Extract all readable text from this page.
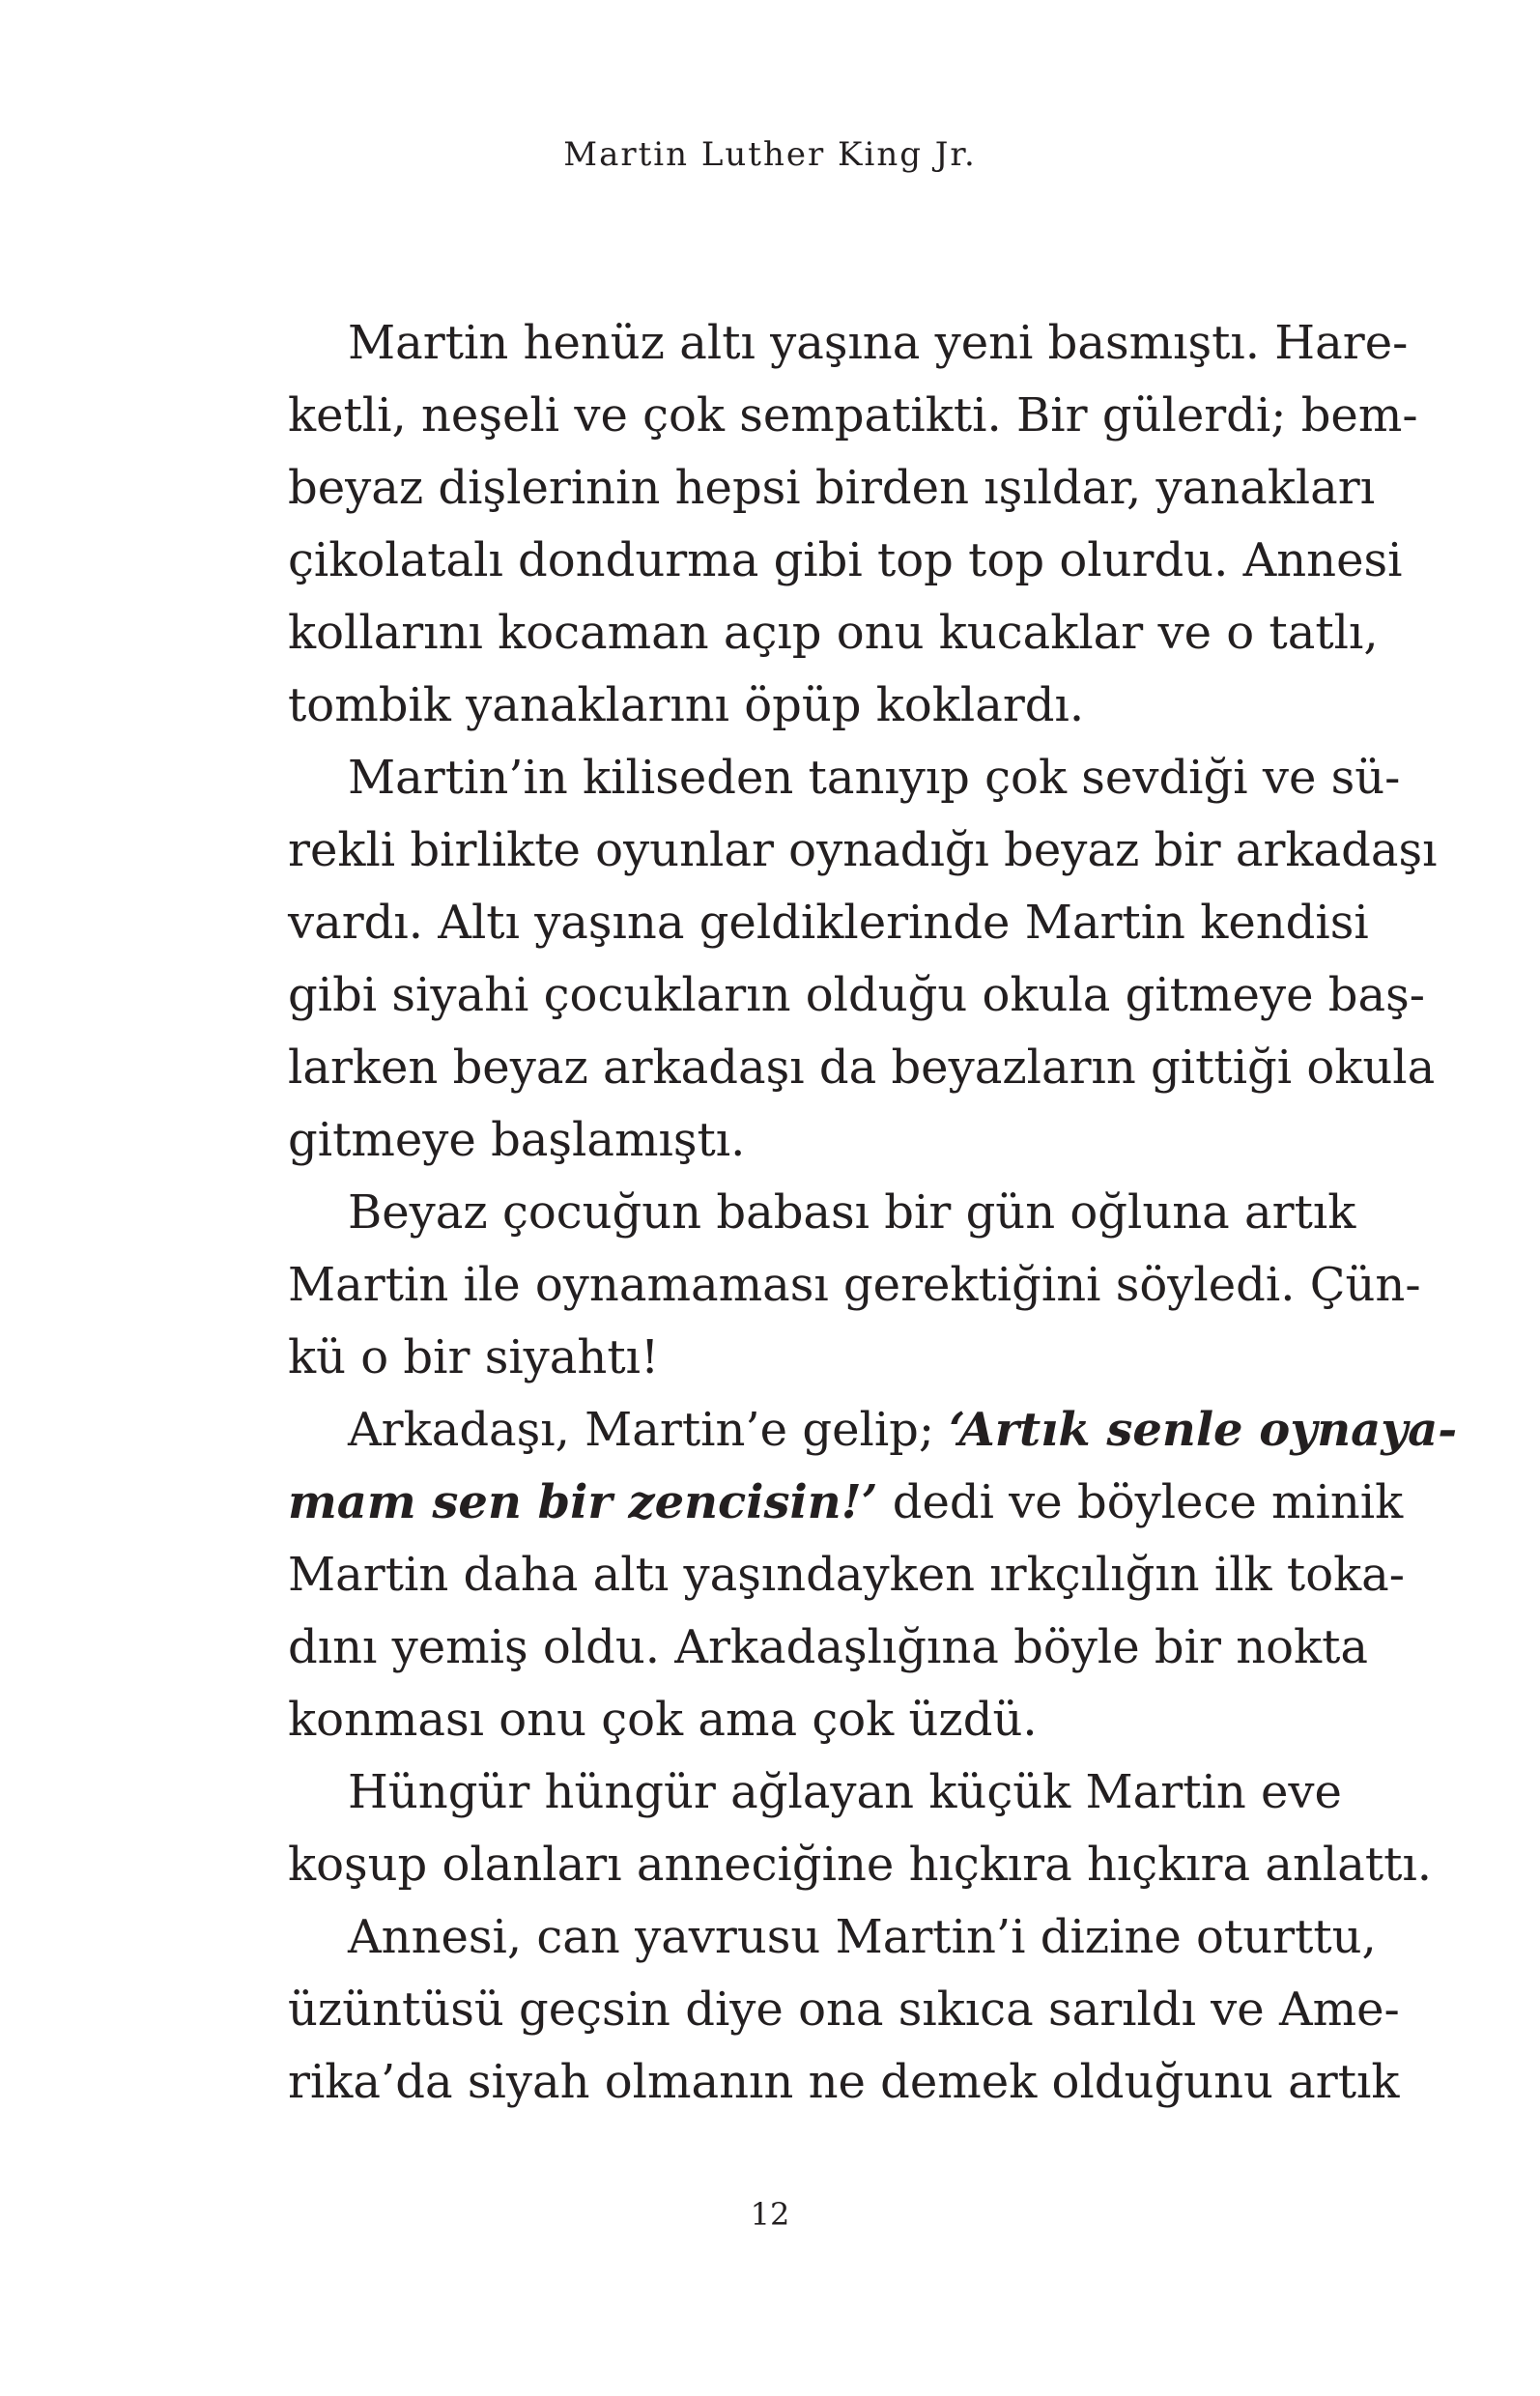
Martin Luther King Jr.
Martin henüz altı yaşına yeni basmıştı. Hare-
ketli, neşeli ve çok sempatikti. Bir gülerdi; bem-
beyaz dişlerinin hepsi birden ışıldar, yanakları
çikolatalı dondurma gibi top top olurdu. Annesi
kollarını kocaman açıp onu kucaklar ve o tatlı,
tombik yanaklarını öpüp koklardı.
Martin’in kiliseden tanıyıp çok sevdiği ve sü-
rekli birlikte oyunlar oynadığı beyaz bir arkadaşı
vardı. Altı yaşına geldiklerinde Martin kendisi
gibi siyahi çocukların olduğu okula gitmeye baş-
larken beyaz arkadaşı da beyazların gittiği okula
gitmeye başlamıştı.
Beyaz çocuğun babası bir gün oğluna artık
Martin ile oynamaması gerektiğini söyledi. Çün-
kü o bir siyahtı!
Arkadaşı, Martin’e gelip; ‘Artık senle oynaya-
mam sen bir zencisin!’ dedi ve böylece minik
Martin daha altı yaşındayken ırkçılığın ilk toka-
dını yemiş oldu. Arkadaşlığına böyle bir nokta
konması onu çok ama çok üzdü.
Hüngür hüngür ağlayan küçük Martin eve
koşup olanları anneciğine hıçkıra hıçkıra anlattı.
Annesi, can yavrusu Martin’i dizine oturttu,
üzüntüsü geçsin diye ona sıkıca sarıldı ve Ame-
rika’da siyah olmanın ne demek olduğunu artık
12
